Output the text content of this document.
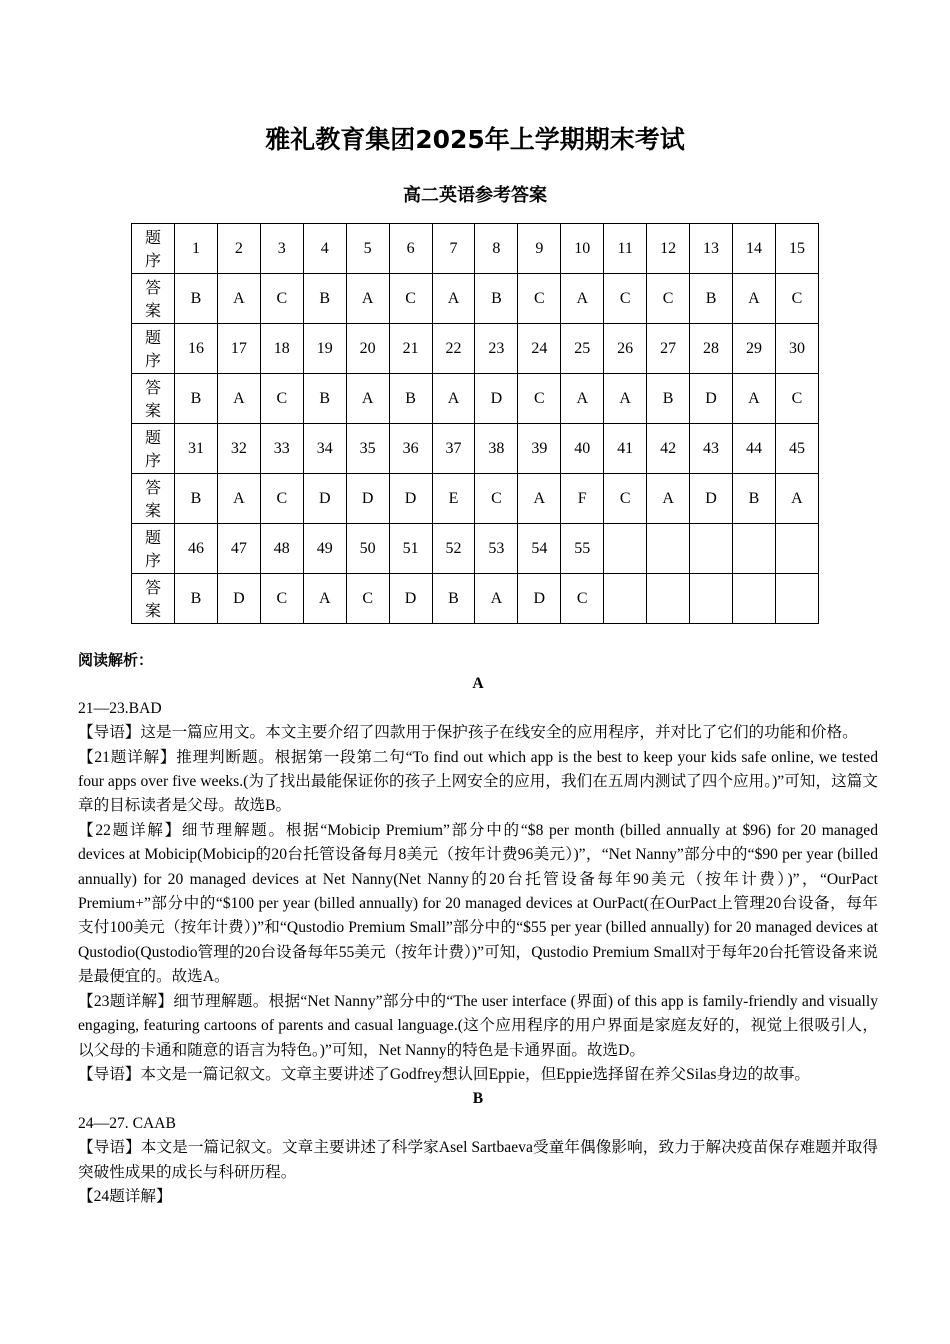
雅礼教育集团2025年上学期期末考试
高二英语参考答案
题
序	1	2	3	4	5	6	7	8	9	10	11	12	13	14	15

答
案	B	A	C	B	A	C	A	B	C	A	C	C	B	A	C

题
序	16	17	18	19	20	21	22	23	24	25	26	27	28	29	30

答
案	B	A	C	B	A	B	A	D	C	A	A	B	D	A	C

题
序	31	32	33	34	35	36	37	38	39	40	41	42	43	44	45

答
案	B	A	C	D	D	D	E	C	A	F	C	A	D	B	A

题
序	46	47	48	49	50	51	52	53	54	55					

答
案	B	D	C	A	C	D	B	A	D	C					

阅读解析：

A

21—23.BAD

【导语】这是一篇应用文。本文主要介绍了四款用于保护孩子在线安全的应用程序，并对比了它们的功能和价格。

【21题详解】推理判断题。根据第一段第二句“To find out which app is the best to keep your kids safe online, we tested four apps over five weeks.(为了找出最能保证你的孩子上网安全的应用，我们在五周内测试了四个应用。)”可知，这篇文章的目标读者是父母。故选B。

【22题详解】细节理解题。根据“Mobicip Premium”部分中的“$8 per month (billed annually at $96) for 20 managed devices at Mobicip(Mobicip的20台托管设备每月8美元（按年计费96美元）)”，“Net Nanny”部分中的“$90 per year (billed annually) for 20 managed devices at Net Nanny(Net Nanny的20台托管设备每年90美元（按年计费）)”，“OurPact Premium+”部分中的“$100 per year (billed annually) for 20 managed devices at OurPact(在OurPact上管理20台设备，每年支付100美元（按年计费）)”和“Qustodio Premium Small”部分中的“$55 per year (billed annually) for 20 managed devices at Qustodio(Qustodio管理的20台设备每年55美元（按年计费）)”可知，Qustodio Premium Small对于每年20台托管设备来说是最便宜的。故选A。

【23题详解】细节理解题。根据“Net Nanny”部分中的“The user interface (界面) of this app is family-friendly and visually engaging, featuring cartoons of parents and casual language.(这个应用程序的用户界面是家庭友好的，视觉上很吸引人，以父母的卡通和随意的语言为特色。)”可知，Net Nanny的特色是卡通界面。故选D。

【导语】本文是一篇记叙文。文章主要讲述了Godfrey想认回Eppie，但Eppie选择留在养父Silas身边的故事。

B

24—27. CAAB

【导语】本文是一篇记叙文。文章主要讲述了科学家Asel Sartbaeva受童年偶像影响，致力于解决疫苗保存难题并取得突破性成果的成长与科研历程。

【24题详解】
